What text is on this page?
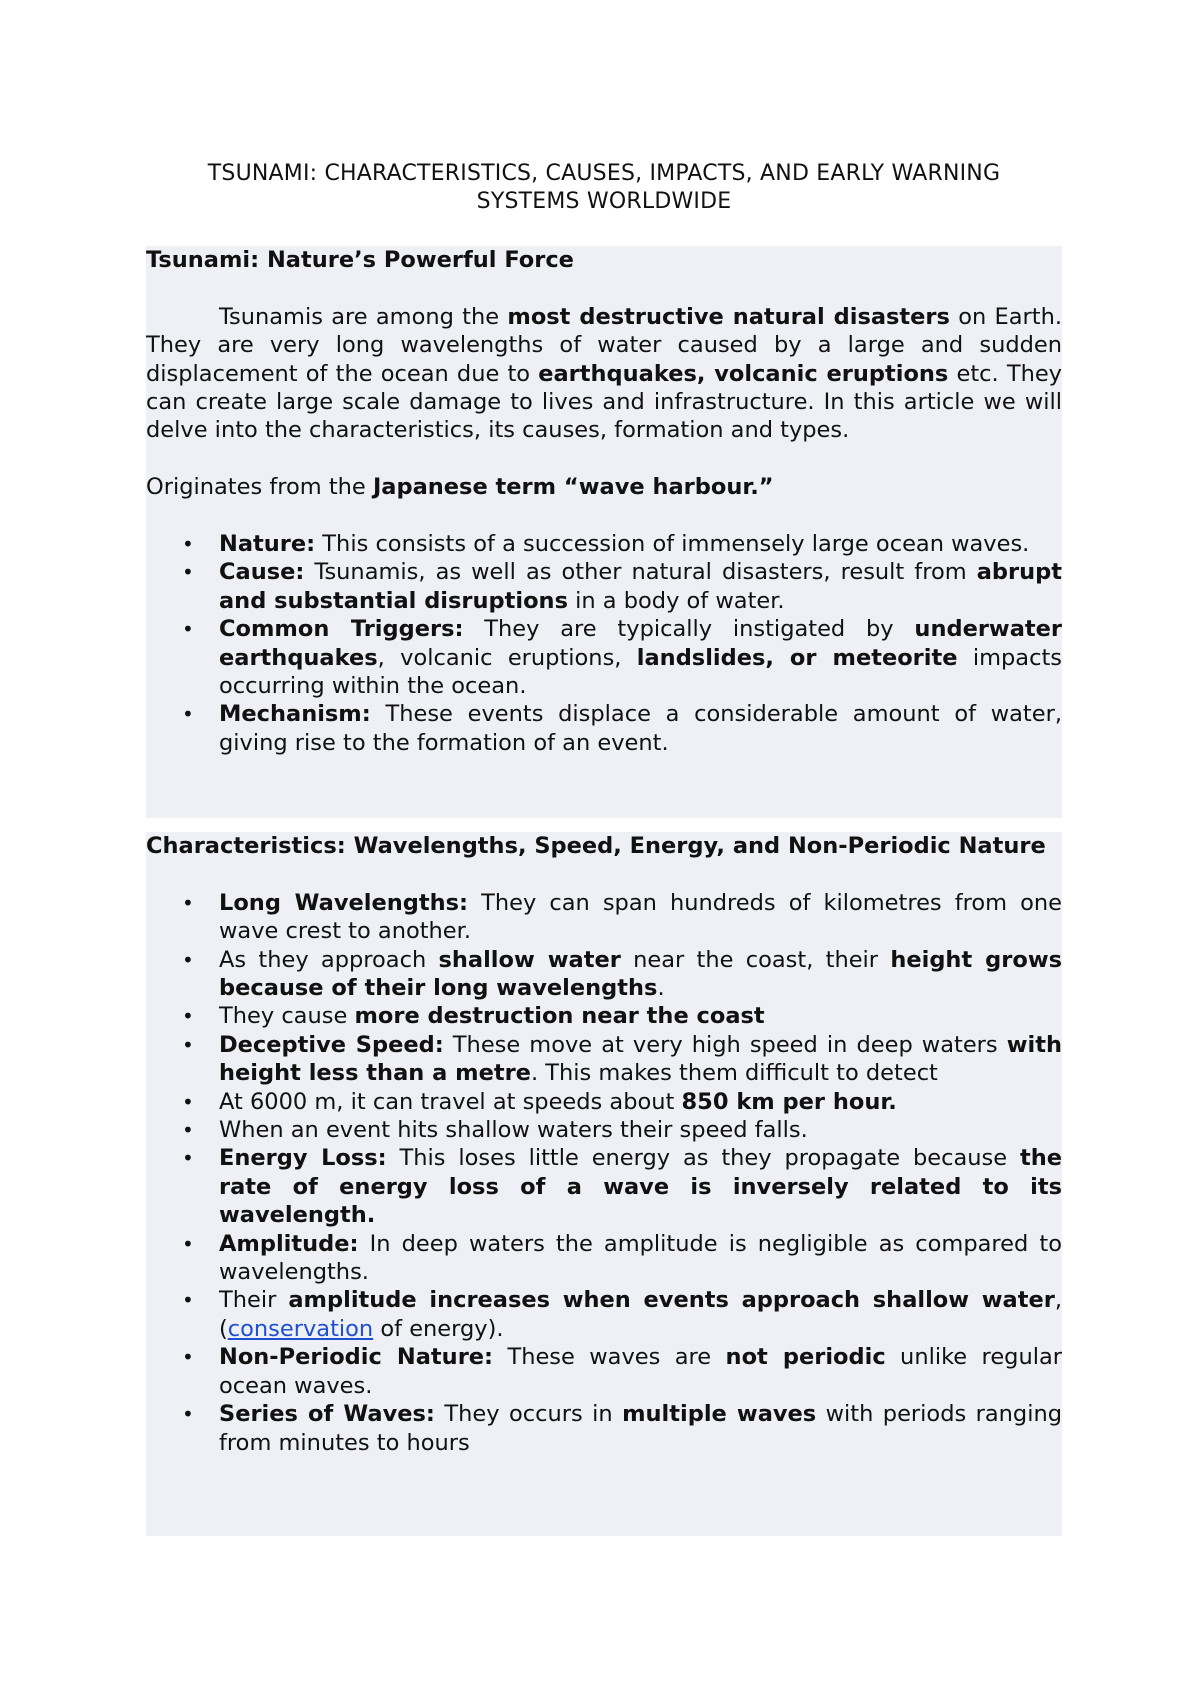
TSUNAMI: CHARACTERISTICS, CAUSES, IMPACTS, AND EARLY WARNING
SYSTEMS WORLDWIDE
Tsunami: Nature’s Powerful Force

Tsunamis are among the most destructive natural disasters on Earth. They are very long wavelengths of water caused by a large and sudden displacement of the ocean due to earthquakes, volcanic eruptions etc. They can create large scale damage to lives and infrastructure. In this article we will delve into the characteristics, its causes, formation and types.

Originates from the Japanese term “wave harbour.”

• Nature: This consists of a succession of immensely large ocean waves.
• Cause: Tsunamis, as well as other natural disasters, result from abrupt and substantial disruptions in a body of water.
• Common Triggers: They are typically instigated by underwater earthquakes, volcanic eruptions, landslides, or meteorite impacts occurring within the ocean.
• Mechanism: These events displace a considerable amount of water, giving rise to the formation of an event.
Characteristics: Wavelengths, Speed, Energy, and Non-Periodic Nature
• Long Wavelengths: They can span hundreds of kilometres from one wave crest to another.
• As they approach shallow water near the coast, their height grows because of their long wavelengths.
• They cause more destruction near the coast
• Deceptive Speed: These move at very high speed in deep waters with height less than a metre. This makes them difficult to detect
• At 6000 m, it can travel at speeds about 850 km per hour.
• When an event hits shallow waters their speed falls.
• Energy Loss: This loses little energy as they propagate because the rate of energy loss of a wave is inversely related to its wavelength.
• Amplitude: In deep waters the amplitude is negligible as compared to wavelengths.
• Their amplitude increases when events approach shallow water, (conservation of energy).
• Non-Periodic Nature: These waves are not periodic unlike regular ocean waves.
• Series of Waves: They occurs in multiple waves with periods ranging from minutes to hours
